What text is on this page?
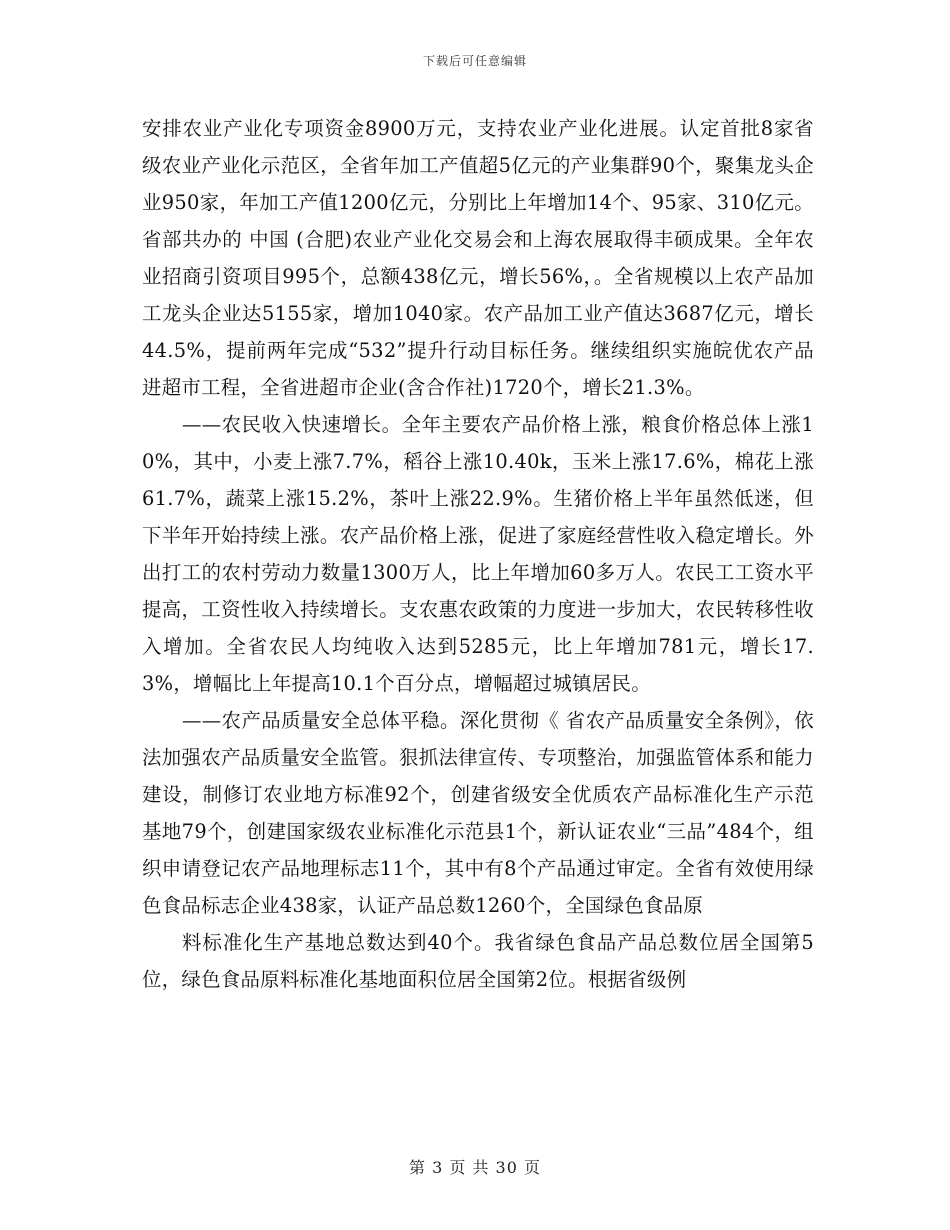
下载后可任意编辑

安排农业产业化专项资金8900万元，支持农业产业化进展。认定首批8家省级农业产业化示范区，全省年加工产值超5亿元的产业集群90个，聚集龙头企业950家，年加工产值1200亿元，分别比上年增加14个、95家、310亿元。省部共办的 中国 (合肥)农业产业化交易会和上海农展取得丰硕成果。全年农业招商引资项目995个，总额438亿元，增长56%，。全省规模以上农产品加工龙头企业达5155家，增加1040家。农产品加工业产值达3687亿元，增长44.5%，提前两年完成“532”提升行动目标任务。继续组织实施皖优农产品进超市工程，全省进超市企业(含合作社)1720个，增长21.3%。

——农民收入快速增长。全年主要农产品价格上涨，粮食价格总体上涨10%，其中，小麦上涨7.7%，稻谷上涨10.40k，玉米上涨17.6%，棉花上涨61.7%，蔬菜上涨15.2%，茶叶上涨22.9%。生猪价格上半年虽然低迷，但下半年开始持续上涨。农产品价格上涨，促进了家庭经营性收入稳定增长。外出打工的农村劳动力数量1300万人，比上年增加60多万人。农民工工资水平提高，工资性收入持续增长。支农惠农政策的力度进一步加大，农民转移性收入增加。全省农民人均纯收入达到5285元，比上年增加781元，增长17.3%，增幅比上年提高10.1个百分点，增幅超过城镇居民。

——农产品质量安全总体平稳。深化贯彻《 省农产品质量安全条例》，依法加强农产品质量安全监管。狠抓法律宣传、专项整治，加强监管体系和能力建设，制修订农业地方标准92个，创建省级安全优质农产品标准化生产示范基地79个，创建国家级农业标准化示范县1个，新认证农业“三品”484个，组织申请登记农产品地理标志11个，其中有8个产品通过审定。全省有效使用绿色食品标志企业438家，认证产品总数1260个，全国绿色食品原

料标准化生产基地总数达到40个。我省绿色食品产品总数位居全国第5位，绿色食品原料标准化基地面积位居全国第2位。根据省级例

第 3 页 共 30 页
